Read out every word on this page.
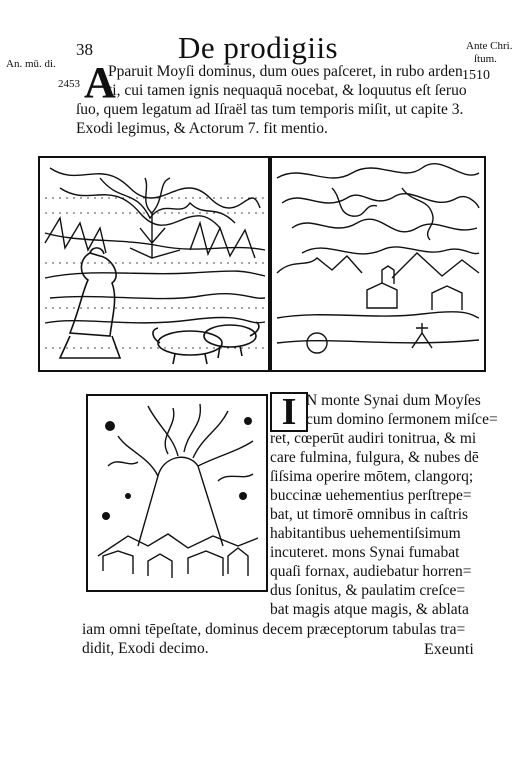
An. mū. di.
2453
38	De prodigiis	Ante Chri.
ſtum.
1510
A
Pparuit Moyſi dominus, dum oues paſceret, in rubo arden
ti, cui tamen ignis nequaquā nocebat, & loquutus eſt ſeruo
ſuo, quem legatum ad Iſraël tas tum temporis miſit, ut capite 3.
Exodi legimus, & Actorum 7. fit mentio.
I N monte Synai dum Moyſes
cum domino ſermonem miſce=
ret, cœperūt audiri tonitrua, & mi
care fulmina, fulgura, & nubes dē
ſiſsima operire mōtem, clangorq;
buccinæ uehementius perſtrepe=
bat, ut timorē omnibus in caſtris
habitantibus uehementiſsimum
incuteret. mons Synai fumabat
quaſi fornax, audiebatur horren=
dus ſonitus, & paulatim creſce=
bat magis atque magis, & ablata
iam omni tēpeſtate, dominus decem præceptorum tabulas tra=
didit, Exodi decimo.	Exeunti
